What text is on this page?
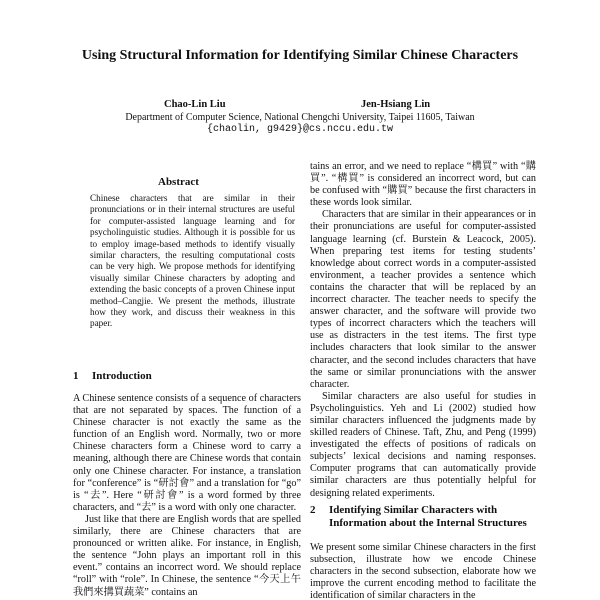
Using Structural Information for Identifying Similar Chinese Characters
Chao-Lin Liu	Jen-Hsiang Lin
Department of Computer Science, National Chengchi University, Taipei 11605, Taiwan
{chaolin, g9429}@cs.nccu.edu.tw
Abstract
Chinese characters that are similar in their pronunciations or in their internal structures are useful for computer-assisted language learning and for psycholinguistic studies. Although it is possible for us to employ image-based methods to identify visually similar characters, the resulting computational costs can be very high. We propose methods for identifying visually similar Chinese characters by adopting and extending the basic concepts of a proven Chinese input method–Cangjie. We present the methods, illustrate how they work, and discuss their weakness in this paper.
1 Introduction

A Chinese sentence consists of a sequence of characters that are not separated by spaces. The function of a Chinese character is not exactly the same as the function of an English word. Normally, two or more Chinese characters form a Chinese word to carry a meaning, although there are Chinese words that contain only one Chinese character. For instance, a translation for “conference” is “研討會” and a translation for “go” is “去”. Here “研討會” is a word formed by three characters, and “去” is a word with only one character.

Just like that there are English words that are spelled similarly, there are Chinese characters that are pronounced or written alike. For instance, in English, the sentence “John plays an important roll in this event.” contains an incorrect word. We should replace “roll” with “role”. In Chinese, the sentence “今天上午我們來搆買蔬菜” contains an

tains an error, and we need to replace “構買” with “購買”. “構買” is considered an incorrect word, but can be confused with “購買” because the first characters in these words look similar.

Characters that are similar in their appearances or in their pronunciations are useful for computer-assisted language learning (cf. Burstein & Leacock, 2005). When preparing test items for testing students’ knowledge about correct words in a computer-assisted environment, a teacher provides a sentence which contains the character that will be replaced by an incorrect character. The teacher needs to specify the answer character, and the software will provide two types of incorrect characters which the teachers will use as distracters in the test items. The first type includes characters that look similar to the answer character, and the second includes characters that have the same or similar pronunciations with the answer character.

Similar characters are also useful for studies in Psycholinguistics. Yeh and Li (2002) studied how similar characters influenced the judgments made by skilled readers of Chinese. Taft, Zhu, and Peng (1999) investigated the effects of positions of radicals on subjects’ lexical decisions and naming responses. Computer programs that can automatically provide similar characters are thus potentially helpful for designing related experiments.

2	Identifying Similar Characters with Information about the Internal Structures

We present some similar Chinese characters in the first subsection, illustrate how we encode Chinese characters in the second subsection, elaborate how we improve the current encoding method to facilitate the identification of similar characters in the
